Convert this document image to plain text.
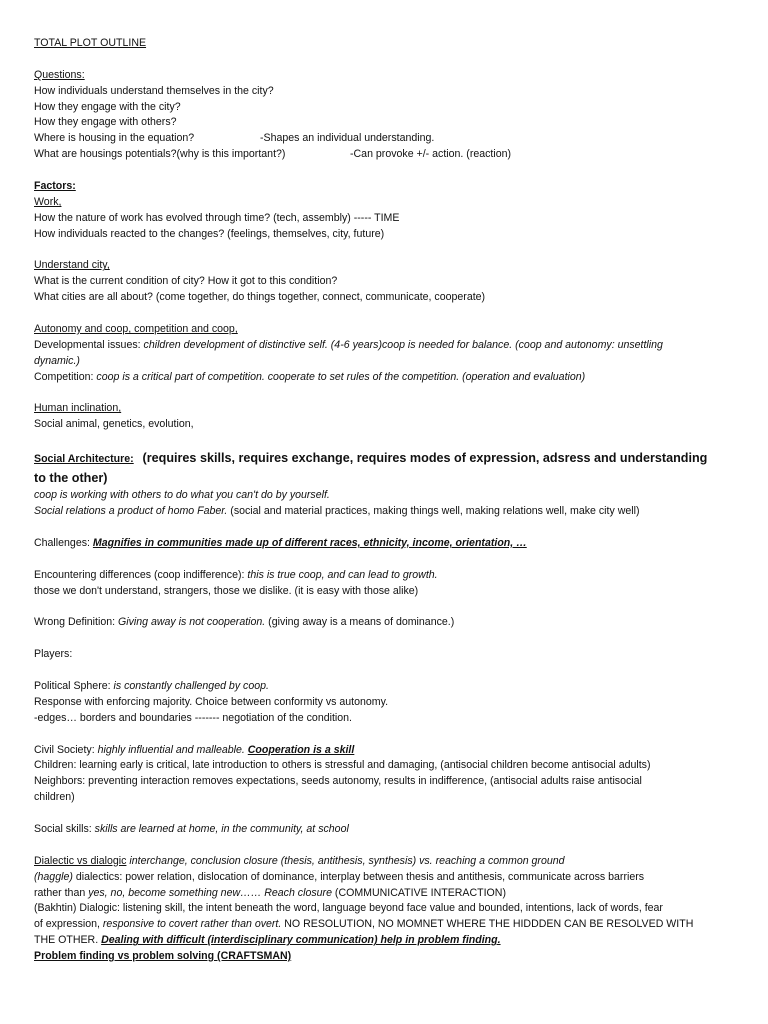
TOTAL PLOT OUTLINE
Questions:
How individuals understand themselves in the city?
How they engage with the city?
How they engage with others?
Where is housing in the equation?	-Shapes an individual understanding.
What are housings potentials?(why is this important?)	-Can provoke +/- action. (reaction)
Factors:
Work,
How the nature of work has evolved through time? (tech, assembly) ----- TIME
How individuals reacted to the changes? (feelings, themselves, city, future)
Understand city,
What is the current condition of city? How it got to this condition?
What cities are all about? (come together, do things together, connect, communicate, cooperate)
Autonomy and coop, competition and coop,
Developmental issues: children development of distinctive self. (4-6 years)coop is needed for balance. (coop and autonomy: unsettling
dynamic.)
Competition: coop is a critical part of competition. cooperate to set rules of the competition. (operation and evaluation)
Human inclination,
Social animal, genetics, evolution,
Social Architecture: (requires skills, requires exchange, requires modes of expression, adsress and understanding
to the other)
coop is working with others to do what you can't do by yourself.
Social relations a product of homo Faber. (social and material practices, making things well, making relations well, make city well)
Challenges: Magnifies in communities made up of different races, ethnicity, income, orientation, …
Encountering differences (coop indifference): this is true coop, and can lead to growth.
those we don't understand, strangers, those we dislike. (it is easy with those alike)
Wrong Definition: Giving away is not cooperation. (giving away is a means of dominance.)
Players:
Political Sphere: is constantly challenged by coop.
Response with enforcing majority. Choice between conformity vs autonomy.
-edges… borders and boundaries ------- negotiation of the condition.
Civil Society: highly influential and malleable. Cooperation is a skill
Children: learning early is critical, late introduction to others is stressful and damaging, (antisocial children become antisocial adults)
Neighbors: preventing interaction removes expectations, seeds autonomy, results in indifference, (antisocial adults raise antisocial
children)
Social skills: skills are learned at home, in the community, at school
Dialectic vs dialogic interchange, conclusion closure (thesis, antithesis, synthesis) vs. reaching a common ground
(haggle) dialectics: power relation, dislocation of dominance, interplay between thesis and antithesis, communicate across barriers
rather than yes, no, become something new…… Reach closure (COMMUNICATIVE INTERACTION)
(Bakhtin) Dialogic: listening skill, the intent beneath the word, language beyond face value and bounded, intentions, lack of words, fear
of expression, responsive to covert rather than overt. NO RESOLUTION, NO MOMNET WHERE THE HIDDDEN CAN BE RESOLVED WITH
THE OTHER. Dealing with difficult (interdisciplinary communication) help in problem finding.
Problem finding vs problem solving (CRAFTSMAN)
